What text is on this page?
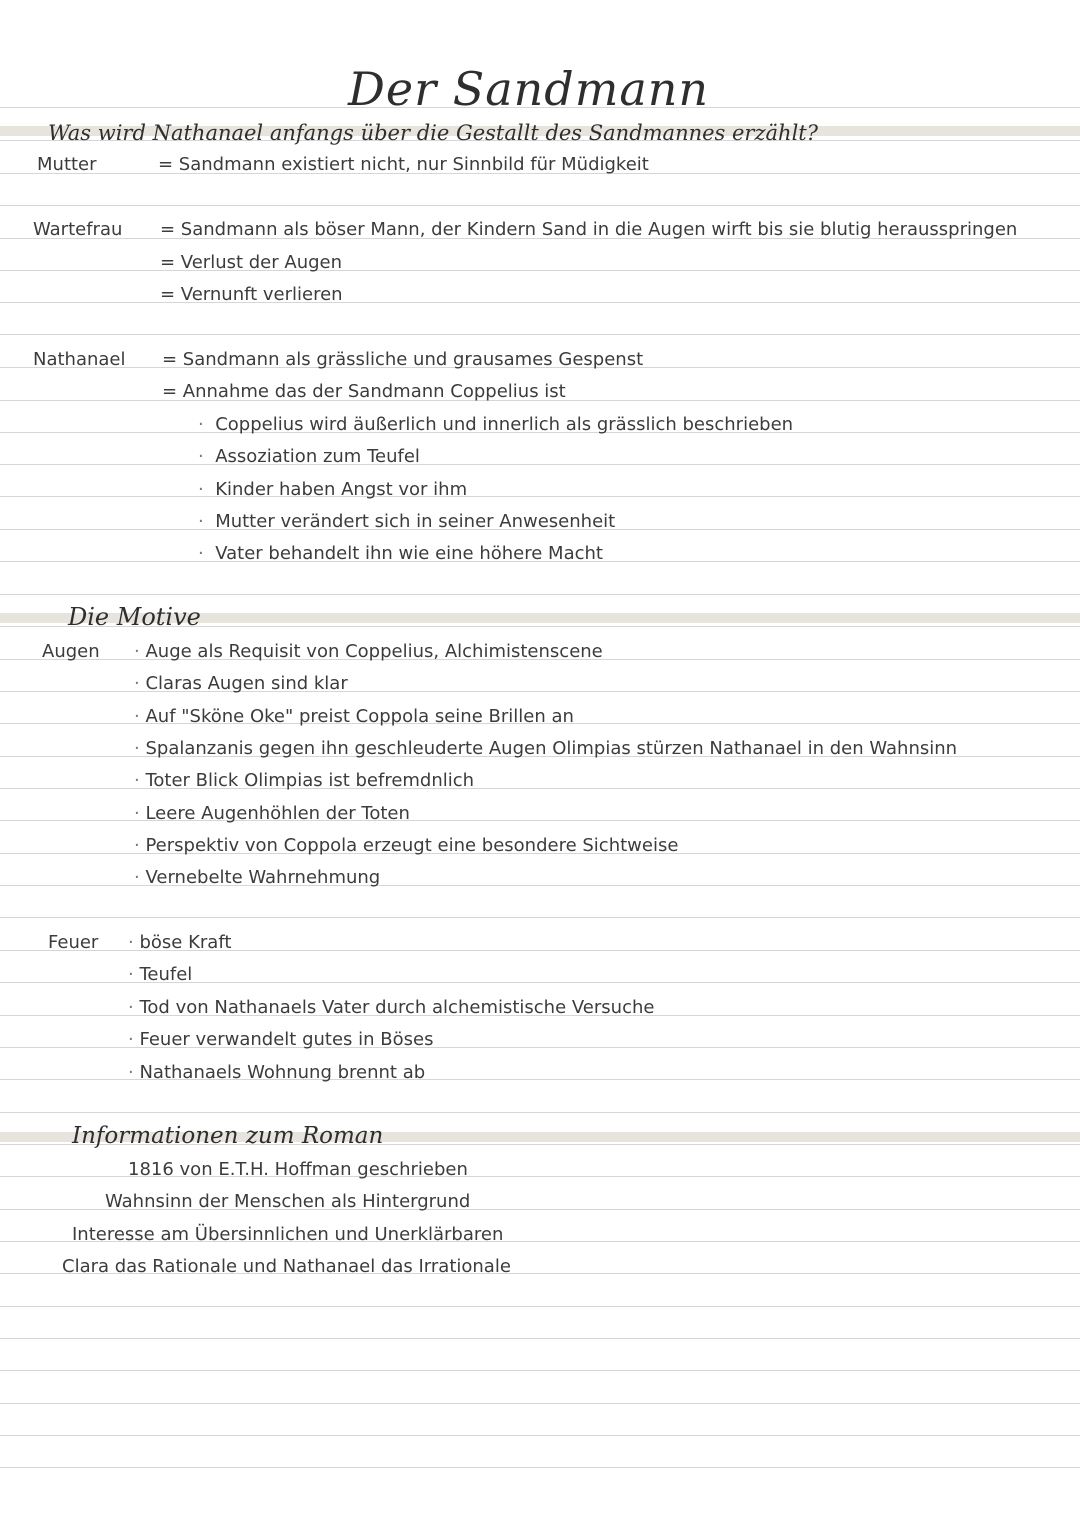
Der Sandmann
Was wird Nathanael anfangs über die Gestallt des Sandmannes erzählt?
Mutter	= Sandmann existiert nicht, nur Sinnbild für Müdigkeit
Wartefrau = Sandmann als böser Mann, der Kindern Sand in die Augen wirft bis sie blutig herausspringen
= Verlust der Augen
= Vernunft verlieren
Nathanael = Sandmann als grässliche und grausames Gespenst
= Annahme das der Sandmann Coppelius ist
· Coppelius wird äußerlich und innerlich als grässlich beschrieben
· Assoziation zum Teufel
· Kinder haben Angst vor ihm
· Mutter verändert sich in seiner Anwesenheit
· Vater behandelt ihn wie eine höhere Macht
Die Motive
Augen · Auge als Requisit von Coppelius, Alchimistenscene
· Claras Augen sind klar
· Auf "Sköne Oke" preist Coppola seine Brillen an
· Spalanzanis gegen ihn geschleuderte Augen Olimpias stürzen Nathanael in den Wahnsinn
· Toter Blick Olimpias ist befremdnlich
· Leere Augenhöhlen der Toten
· Perspektiv von Coppola erzeugt eine besondere Sichtweise
· Vernebelte Wahrnehmung
Feuer · böse Kraft
· Teufel
· Tod von Nathanaels Vater durch alchemistische Versuche
· Feuer verwandelt gutes in Böses
· Nathanaels Wohnung brennt ab
Informationen zum Roman
1816 von E.T.H. Hoffman geschrieben
Wahnsinn der Menschen als Hintergrund
Interesse am Übersinnlichen und Unerklärbaren
Clara das Rationale und Nathanael das Irrationale
